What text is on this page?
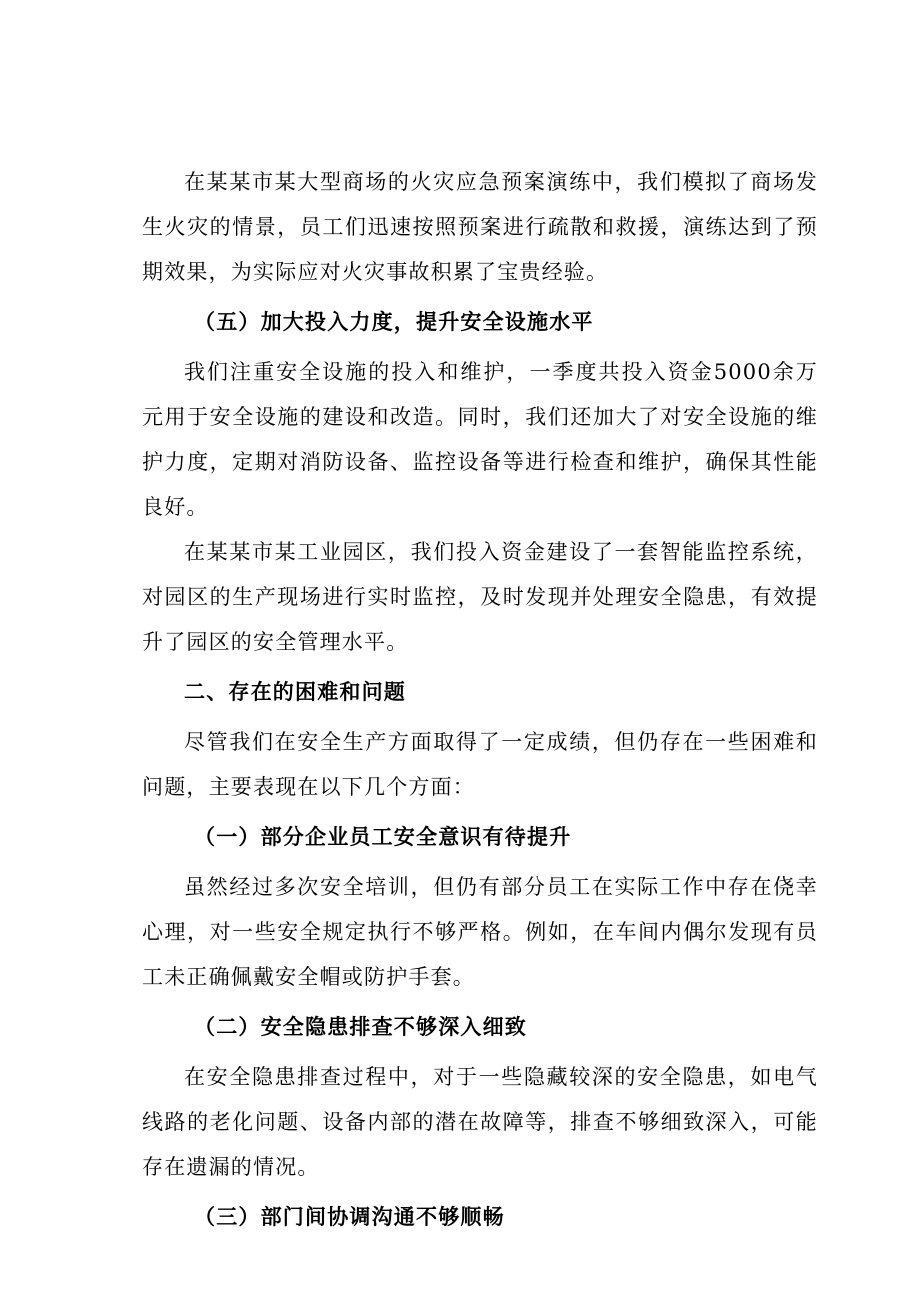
在某某市某大型商场的火灾应急预案演练中，我们模拟了商场发生火灾的情景，员工们迅速按照预案进行疏散和救援，演练达到了预期效果，为实际应对火灾事故积累了宝贵经验。

（五）加大投入力度，提升安全设施水平

我们注重安全设施的投入和维护，一季度共投入资金5000余万元用于安全设施的建设和改造。同时，我们还加大了对安全设施的维护力度，定期对消防设备、监控设备等进行检查和维护，确保其性能良好。

在某某市某工业园区，我们投入资金建设了一套智能监控系统，对园区的生产现场进行实时监控，及时发现并处理安全隐患，有效提升了园区的安全管理水平。

二、存在的困难和问题

尽管我们在安全生产方面取得了一定成绩，但仍存在一些困难和问题，主要表现在以下几个方面：

（一）部分企业员工安全意识有待提升

虽然经过多次安全培训，但仍有部分员工在实际工作中存在侥幸心理，对一些安全规定执行不够严格。例如，在车间内偶尔发现有员工未正确佩戴安全帽或防护手套。

（二）安全隐患排查不够深入细致

在安全隐患排查过程中，对于一些隐藏较深的安全隐患，如电气线路的老化问题、设备内部的潜在故障等，排查不够细致深入，可能存在遗漏的情况。

（三）部门间协调沟通不够顺畅
